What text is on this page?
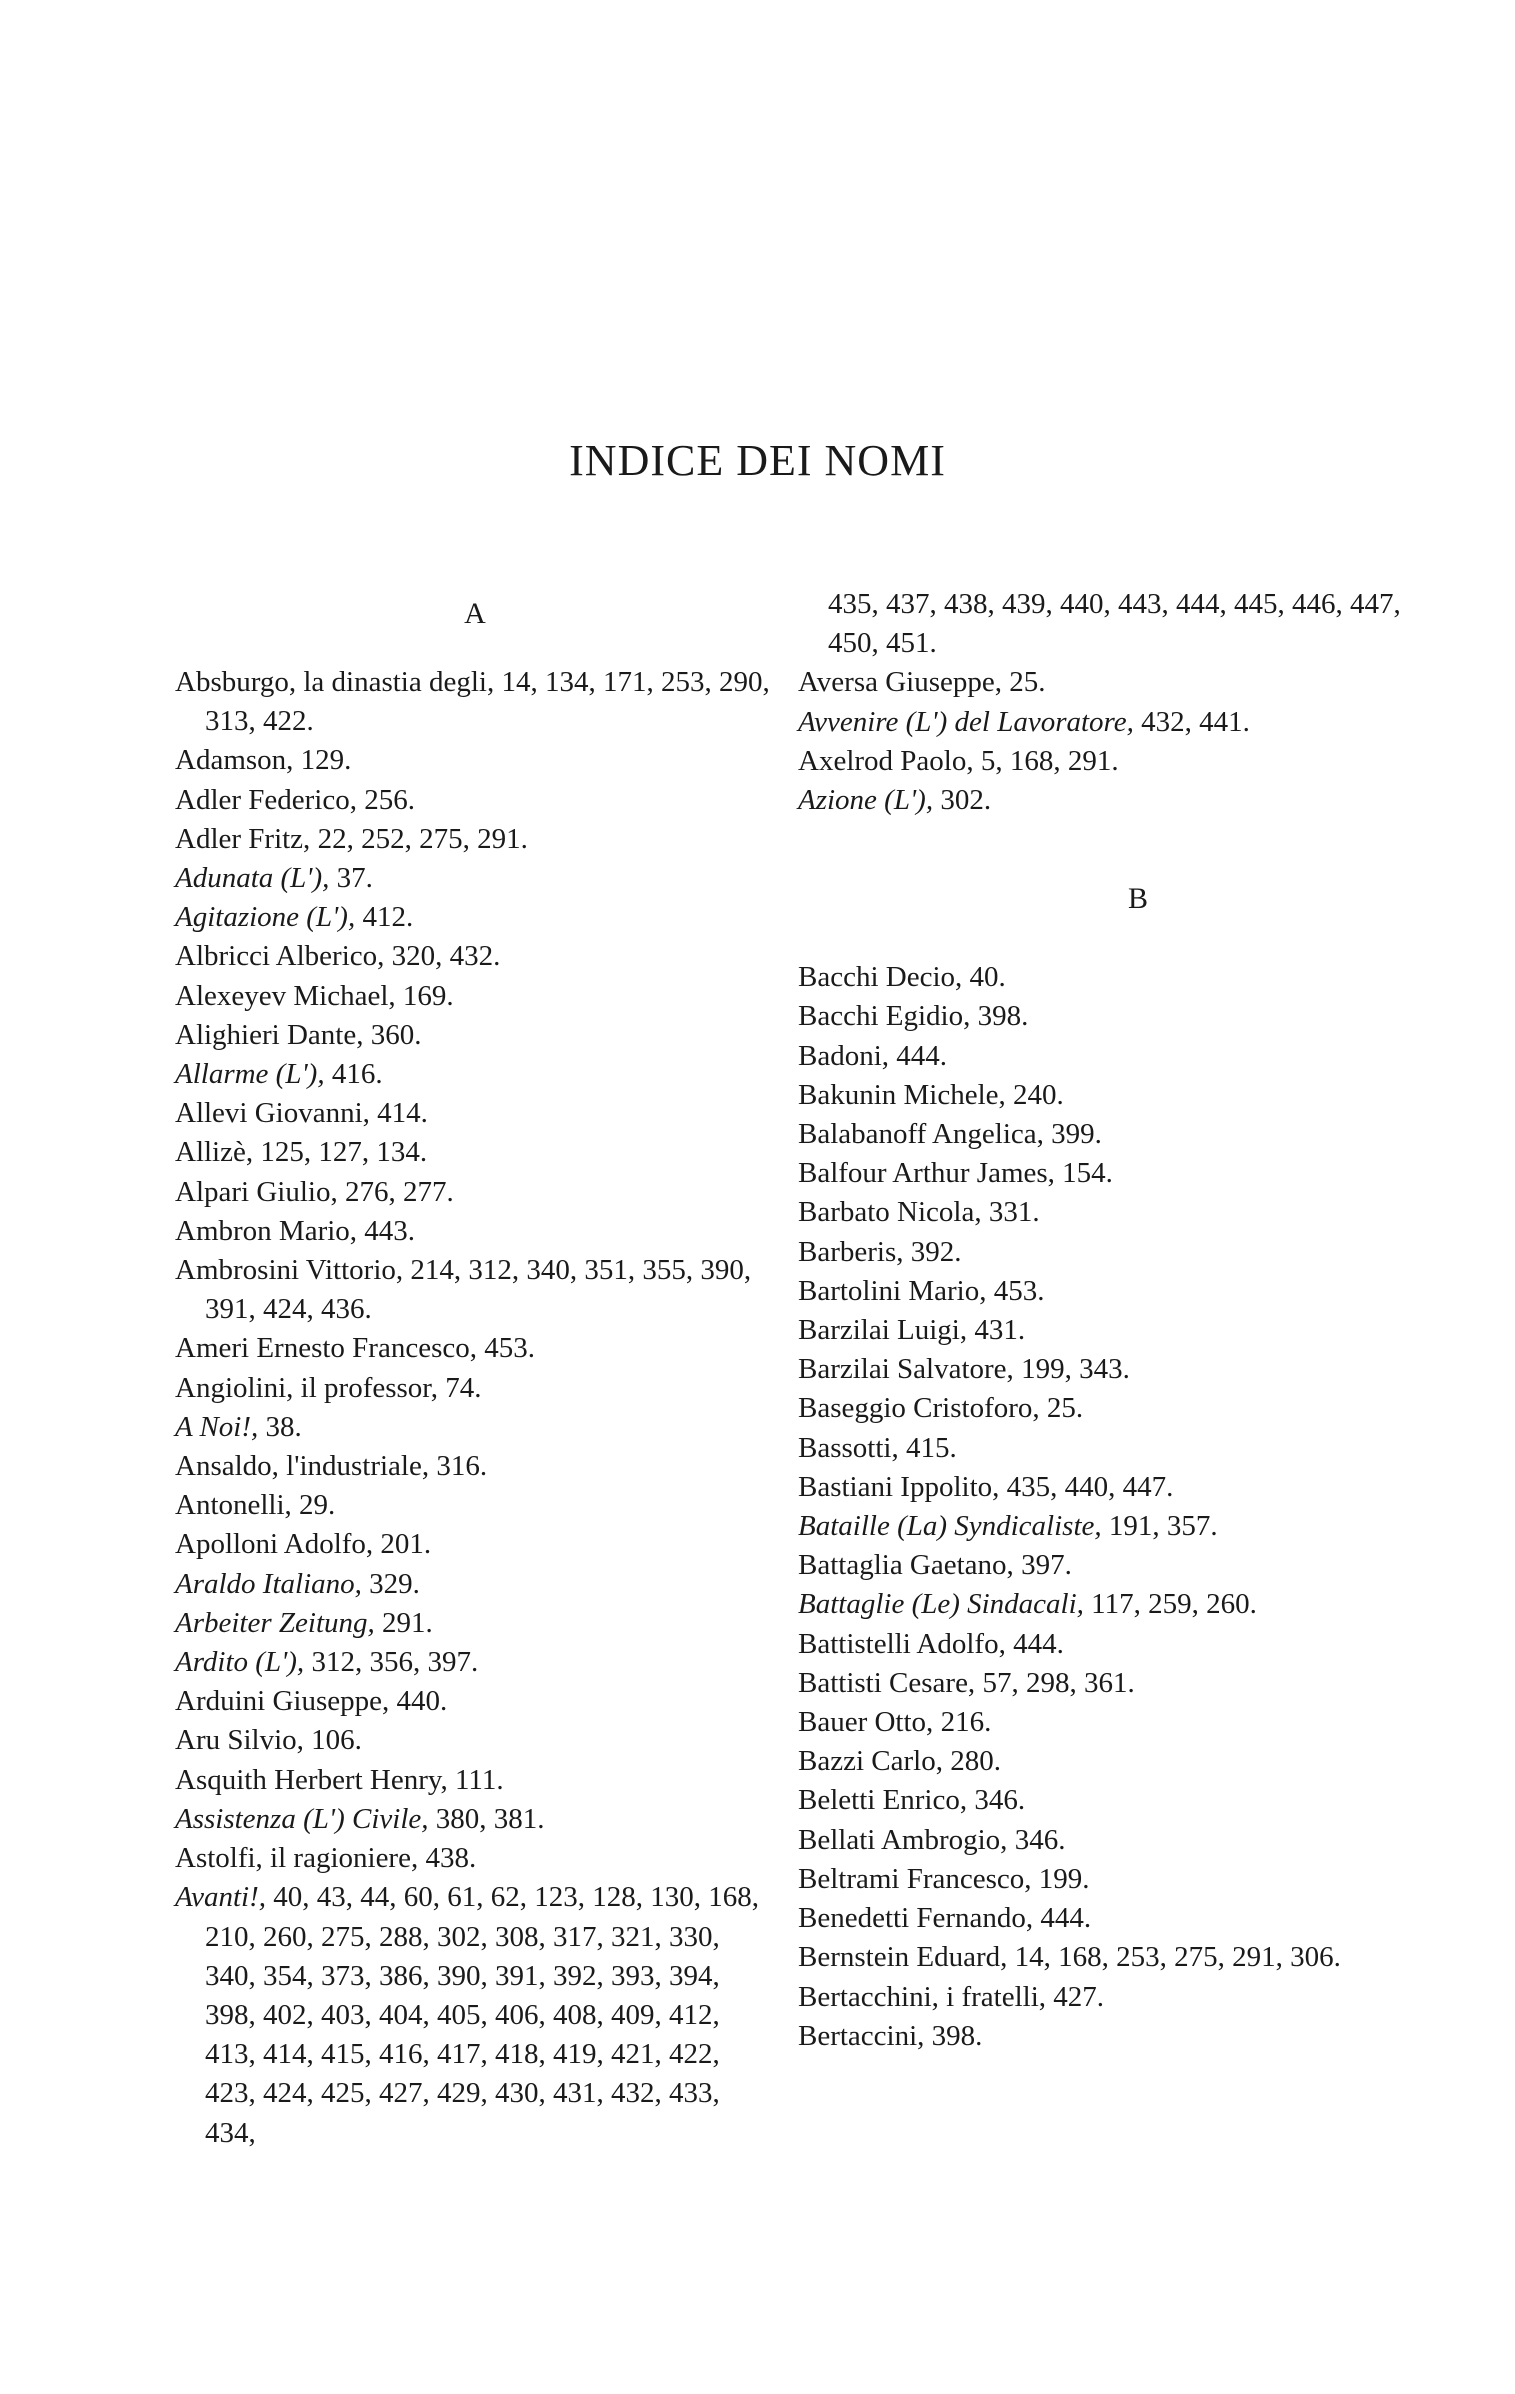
INDICE DEI NOMI
A
Absburgo, la dinastia degli, 14, 134, 171, 253, 290, 313, 422.
Adamson, 129.
Adler Federico, 256.
Adler Fritz, 22, 252, 275, 291.
Adunata (L'), 37.
Agitazione (L'), 412.
Albricci Alberico, 320, 432.
Alexeyev Michael, 169.
Alighieri Dante, 360.
Allarme (L'), 416.
Allevi Giovanni, 414.
Allizè, 125, 127, 134.
Alpari Giulio, 276, 277.
Ambron Mario, 443.
Ambrosini Vittorio, 214, 312, 340, 351, 355, 390, 391, 424, 436.
Ameri Ernesto Francesco, 453.
Angiolini, il professor, 74.
A Noi!, 38.
Ansaldo, l'industriale, 316.
Antonelli, 29.
Apolloni Adolfo, 201.
Araldo Italiano, 329.
Arbeiter Zeitung, 291.
Ardito (L'), 312, 356, 397.
Arduini Giuseppe, 440.
Aru Silvio, 106.
Asquith Herbert Henry, 111.
Assistenza (L') Civile, 380, 381.
Astolfi, il ragioniere, 438.
Avanti!, 40, 43, 44, 60, 61, 62, 123, 128, 130, 168, 210, 260, 275, 288, 302, 308, 317, 321, 330, 340, 354, 373, 386, 390, 391, 392, 393, 394, 398, 402, 403, 404, 405, 406, 408, 409, 412, 413, 414, 415, 416, 417, 418, 419, 421, 422, 423, 424, 425, 427, 429, 430, 431, 432, 433, 434,
435, 437, 438, 439, 440, 443, 444, 445, 446, 447, 450, 451.
Aversa Giuseppe, 25.
Avvenire (L') del Lavoratore, 432, 441.
Axelrod Paolo, 5, 168, 291.
Azione (L'), 302.
B
Bacchi Decio, 40.
Bacchi Egidio, 398.
Badoni, 444.
Bakunin Michele, 240.
Balabanoff Angelica, 399.
Balfour Arthur James, 154.
Barbato Nicola, 331.
Barberis, 392.
Bartolini Mario, 453.
Barzilai Luigi, 431.
Barzilai Salvatore, 199, 343.
Baseggio Cristoforo, 25.
Bassotti, 415.
Bastiani Ippolito, 435, 440, 447.
Bataille (La) Syndicaliste, 191, 357.
Battaglia Gaetano, 397.
Battaglie (Le) Sindacali, 117, 259, 260.
Battistelli Adolfo, 444.
Battisti Cesare, 57, 298, 361.
Bauer Otto, 216.
Bazzi Carlo, 280.
Beletti Enrico, 346.
Bellati Ambrogio, 346.
Beltrami Francesco, 199.
Benedetti Fernando, 444.
Bernstein Eduard, 14, 168, 253, 275, 291, 306.
Bertacchini, i fratelli, 427.
Bertaccini, 398.
